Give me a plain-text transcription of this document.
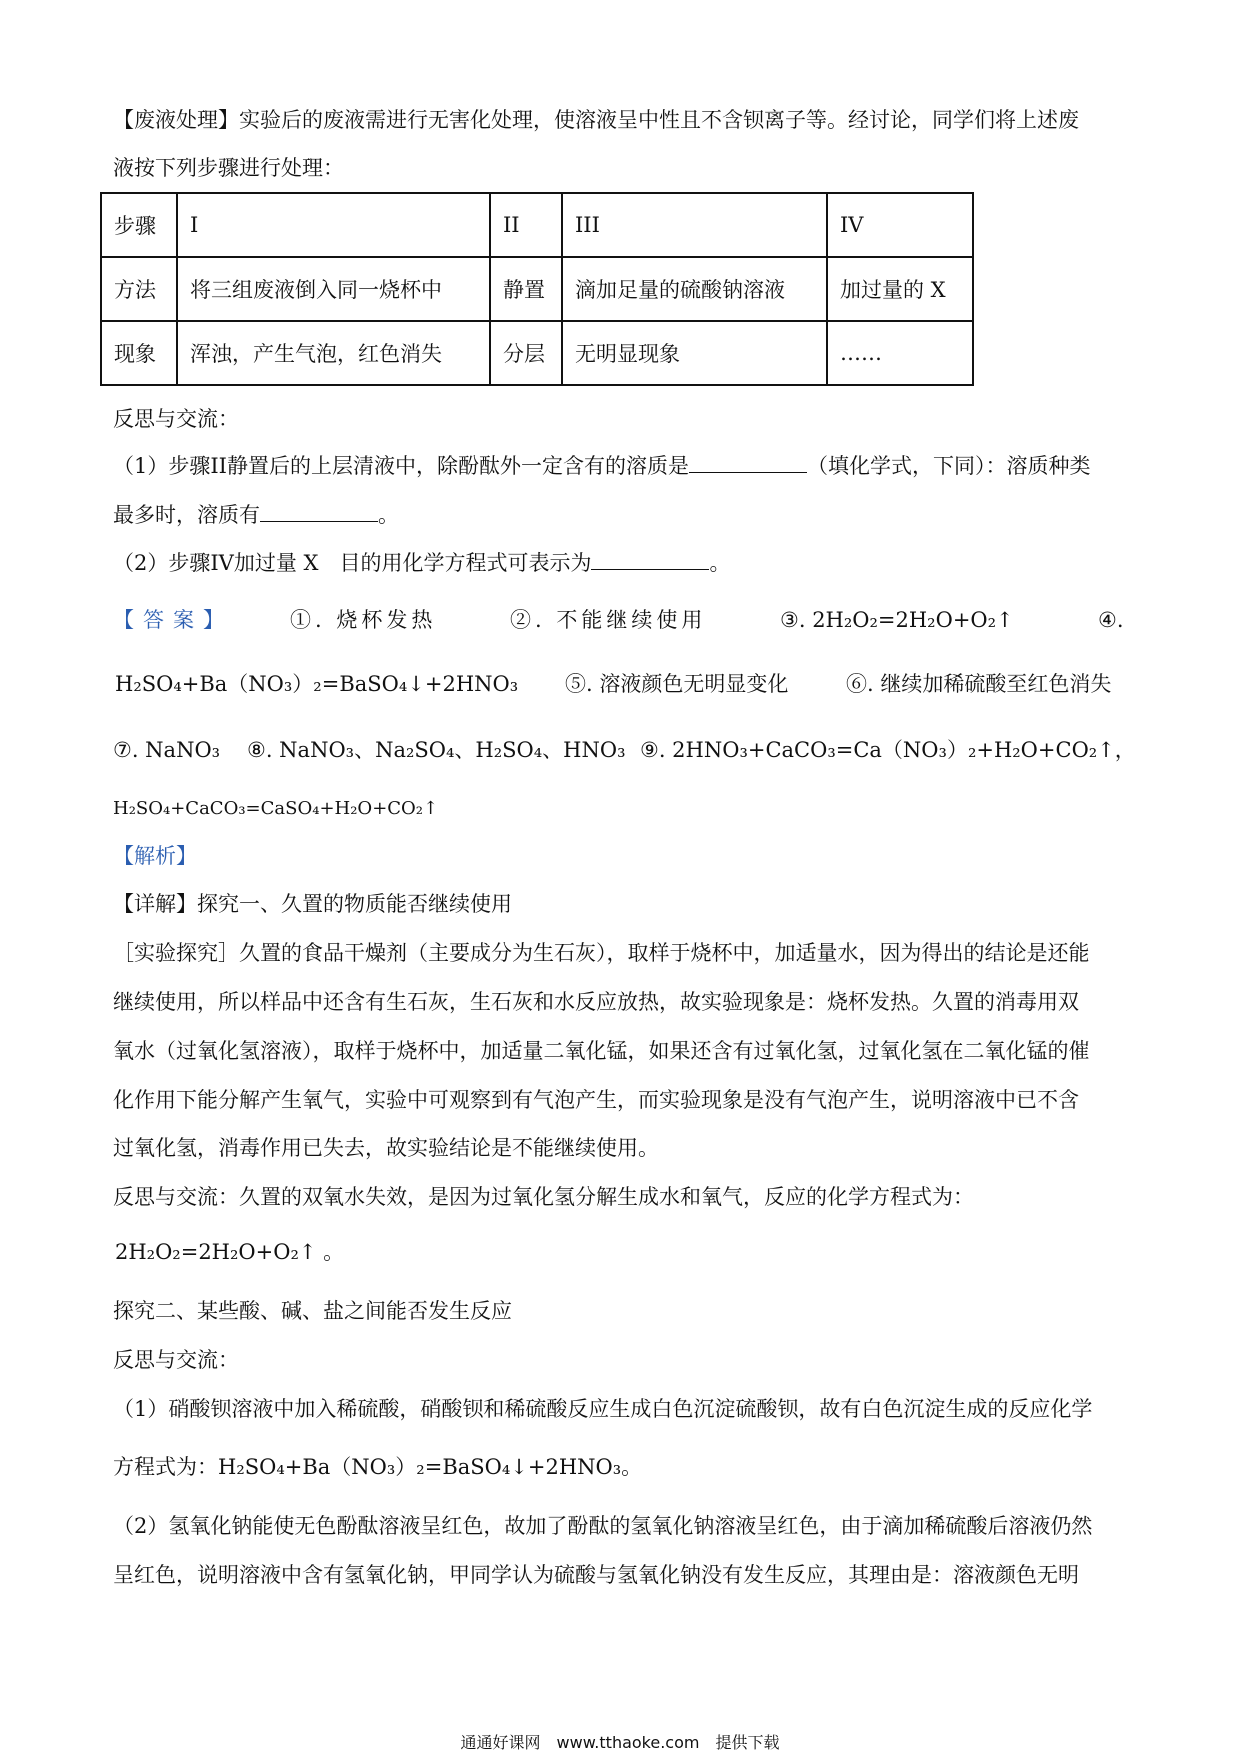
【废液处理】实验后的废液需进行无害化处理，使溶液呈中性且不含钡离子等。经讨论，同学们将上述废
液按下列步骤进行处理：
步骤	I	II	III	IV
方法	将三组废液倒入同一烧杯中	静置	滴加足量的硫酸钠溶液	加过量的 X
现象	浑浊，产生气泡，红色消失	分层	无明显现象	……
反思与交流：
（1）步骤II静置后的上层清液中，除酚酞外一定含有的溶质是	（填化学式，下同）：溶质种类
最多时，溶质有	。
（2）步骤IV加过量 X　目的用化学方程式可表示为	。
【答案】	①. 烧杯发热	②. 不能继续使用	③. 2H₂O₂=2H₂O+O₂↑	④.
H₂SO₄+Ba（NO₃）₂=BaSO₄↓+2HNO₃ ⑤. 溶液颜色无明显变化	⑥. 继续加稀硫酸至红色消失
⑦. NaNO₃ ⑧. NaNO₃、Na₂SO₄、H₂SO₄、HNO₃ ⑨. 2HNO₃+CaCO₃=Ca（NO₃）₂+H₂O+CO₂↑，
H₂SO₄+CaCO₃=CaSO₄+H₂O+CO₂↑
【解析】
【详解】探究一、久置的物质能否继续使用
［实验探究］久置的食品干燥剂（主要成分为生石灰），取样于烧杯中，加适量水，因为得出的结论是还能
继续使用，所以样品中还含有生石灰，生石灰和水反应放热，故实验现象是：烧杯发热。久置的消毒用双
氧水（过氧化氢溶液），取样于烧杯中，加适量二氧化锰，如果还含有过氧化氢，过氧化氢在二氧化锰的催
化作用下能分解产生氧气，实验中可观察到有气泡产生，而实验现象是没有气泡产生，说明溶液中已不含
过氧化氢，消毒作用已失去，故实验结论是不能继续使用。
反思与交流：久置的双氧水失效，是因为过氧化氢分解生成水和氧气，反应的化学方程式为：
2H₂O₂=2H₂O+O₂↑ 。
探究二、某些酸、碱、盐之间能否发生反应
反思与交流：
（1）硝酸钡溶液中加入稀硫酸，硝酸钡和稀硫酸反应生成白色沉淀硫酸钡，故有白色沉淀生成的反应化学
方程式为：H₂SO₄+Ba（NO₃）₂=BaSO₄↓+2HNO₃。
（2）氢氧化钠能使无色酚酞溶液呈红色，故加了酚酞的氢氧化钠溶液呈红色，由于滴加稀硫酸后溶液仍然
呈红色，说明溶液中含有氢氧化钠，甲同学认为硫酸与氢氧化钠没有发生反应，其理由是：溶液颜色无明
通通好课网　www.tthaoke.com　提供下载
